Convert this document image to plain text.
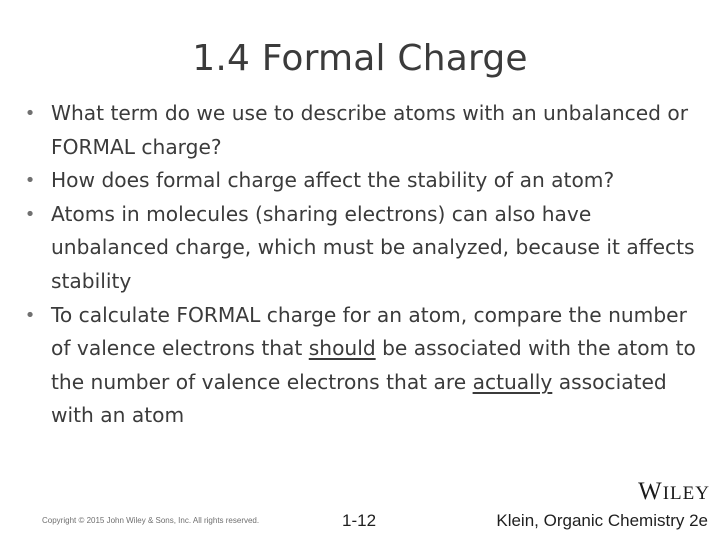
1.4 Formal Charge
• What term do we use to describe atoms with an unbalanced or FORMAL charge?
• How does formal charge affect the stability of an atom?
• Atoms in molecules (sharing electrons) can also have unbalanced charge, which must be analyzed, because it affects stability
• To calculate FORMAL charge for an atom, compare the number of valence electrons that should be associated with the atom to the number of valence electrons that are actually associated with an atom
WILEY
Copyright © 2015 John Wiley & Sons, Inc. All rights reserved.	1-12	Klein, Organic Chemistry 2e
